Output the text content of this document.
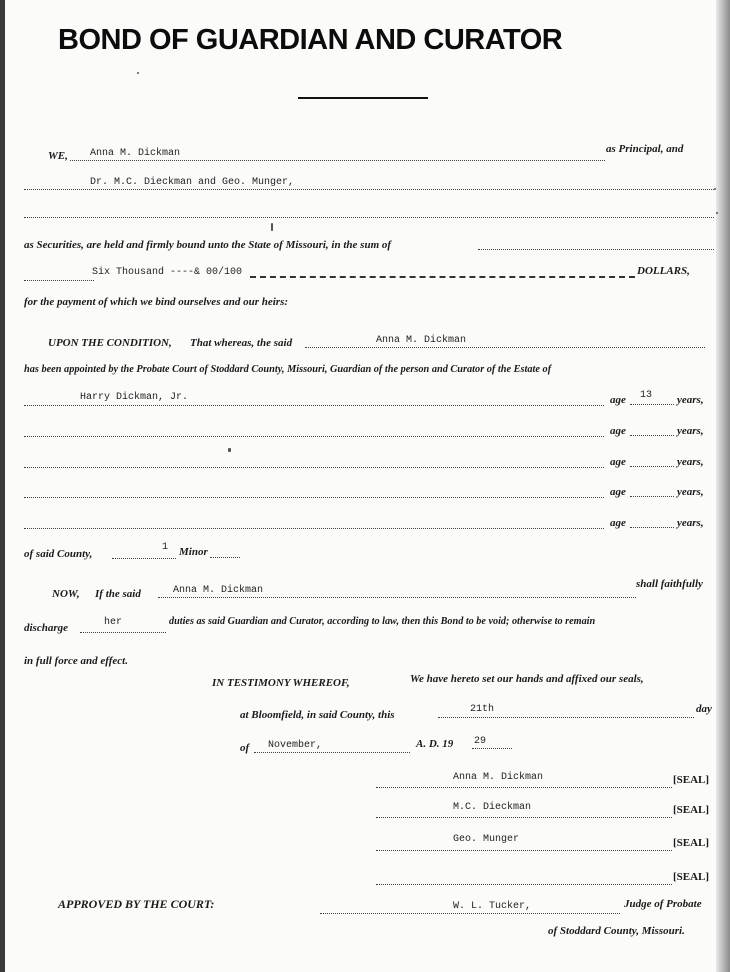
BOND OF GUARDIAN AND CURATOR
WE, Anna M. Dickman	as Principal, and
Dr. M.C. Dieckman and Geo. Munger,
as Securities, are held and firmly bound unto the State of Missouri, in the sum of
Six Thousand ----& 00/100	DOLLARS,
for the payment of which we bind ourselves and our heirs:
UPON THE CONDITION, That whereas, the said	Anna M. Dickman
has been appointed by the Probate Court of Stoddard County, Missouri, Guardian of the person and Curator of the Estate of
Harry Dickman, Jr.	age 13 years,
age	years,
age	years,
age	years,
age	years,
of said County,
1 Minor
NOW, If the said	Anna M. Dickman
shall faithfully
discharge	her	duties as said Guardian and Curator, according to law, then this Bond to be void; otherwise to remain
in full force and effect.
IN TESTIMONY WHEREOF,	We have hereto set our hands and affixed our seals,
at Bloomfield, in said County, this	21th	day
of November,	A. D. 19 29
Anna M. Dickman	[SEAL]
M.C. Dieckman	[SEAL]
Geo. Munger	[SEAL]
[SEAL]
APPROVED BY THE COURT:	W. L. Tucker,	Judge of Probate
of Stoddard County, Missouri.
